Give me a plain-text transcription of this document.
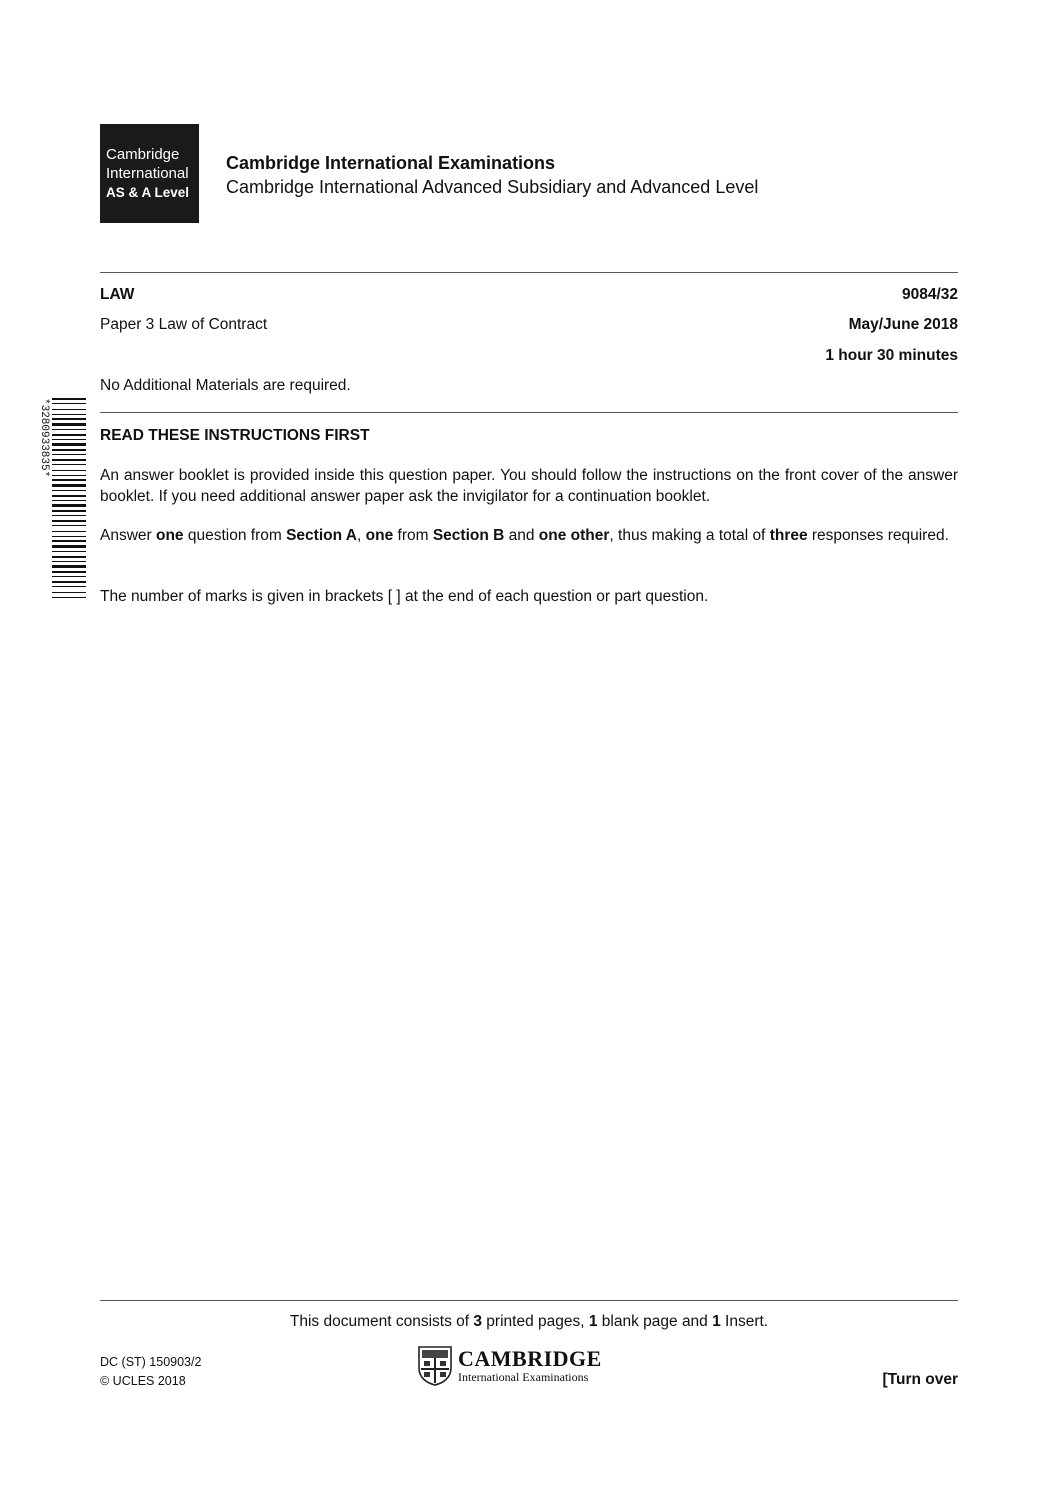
Cambridge
International
AS & A Level
Cambridge International Examinations
Cambridge International Advanced Subsidiary and Advanced Level
LAW	9084/32
Paper 3 Law of Contract	May/June 2018
1 hour 30 minutes
No Additional Materials are required.
*3280933835*	READ THESE INSTRUCTIONS FIRST
An answer booklet is provided inside this question paper. You should follow the instructions on the front cover of the answer booklet. If you need additional answer paper ask the invigilator for a continuation booklet.
Answer one question from Section A, one from Section B and one other, thus making a total of three responses required.
The number of marks is given in brackets [ ] at the end of each question or part question.
This document consists of 3 printed pages, 1 blank page and 1 Insert.
DC (ST) 150903/2
© UCLES 2018
CAMBRIDGE
International Examinations	[Turn over
